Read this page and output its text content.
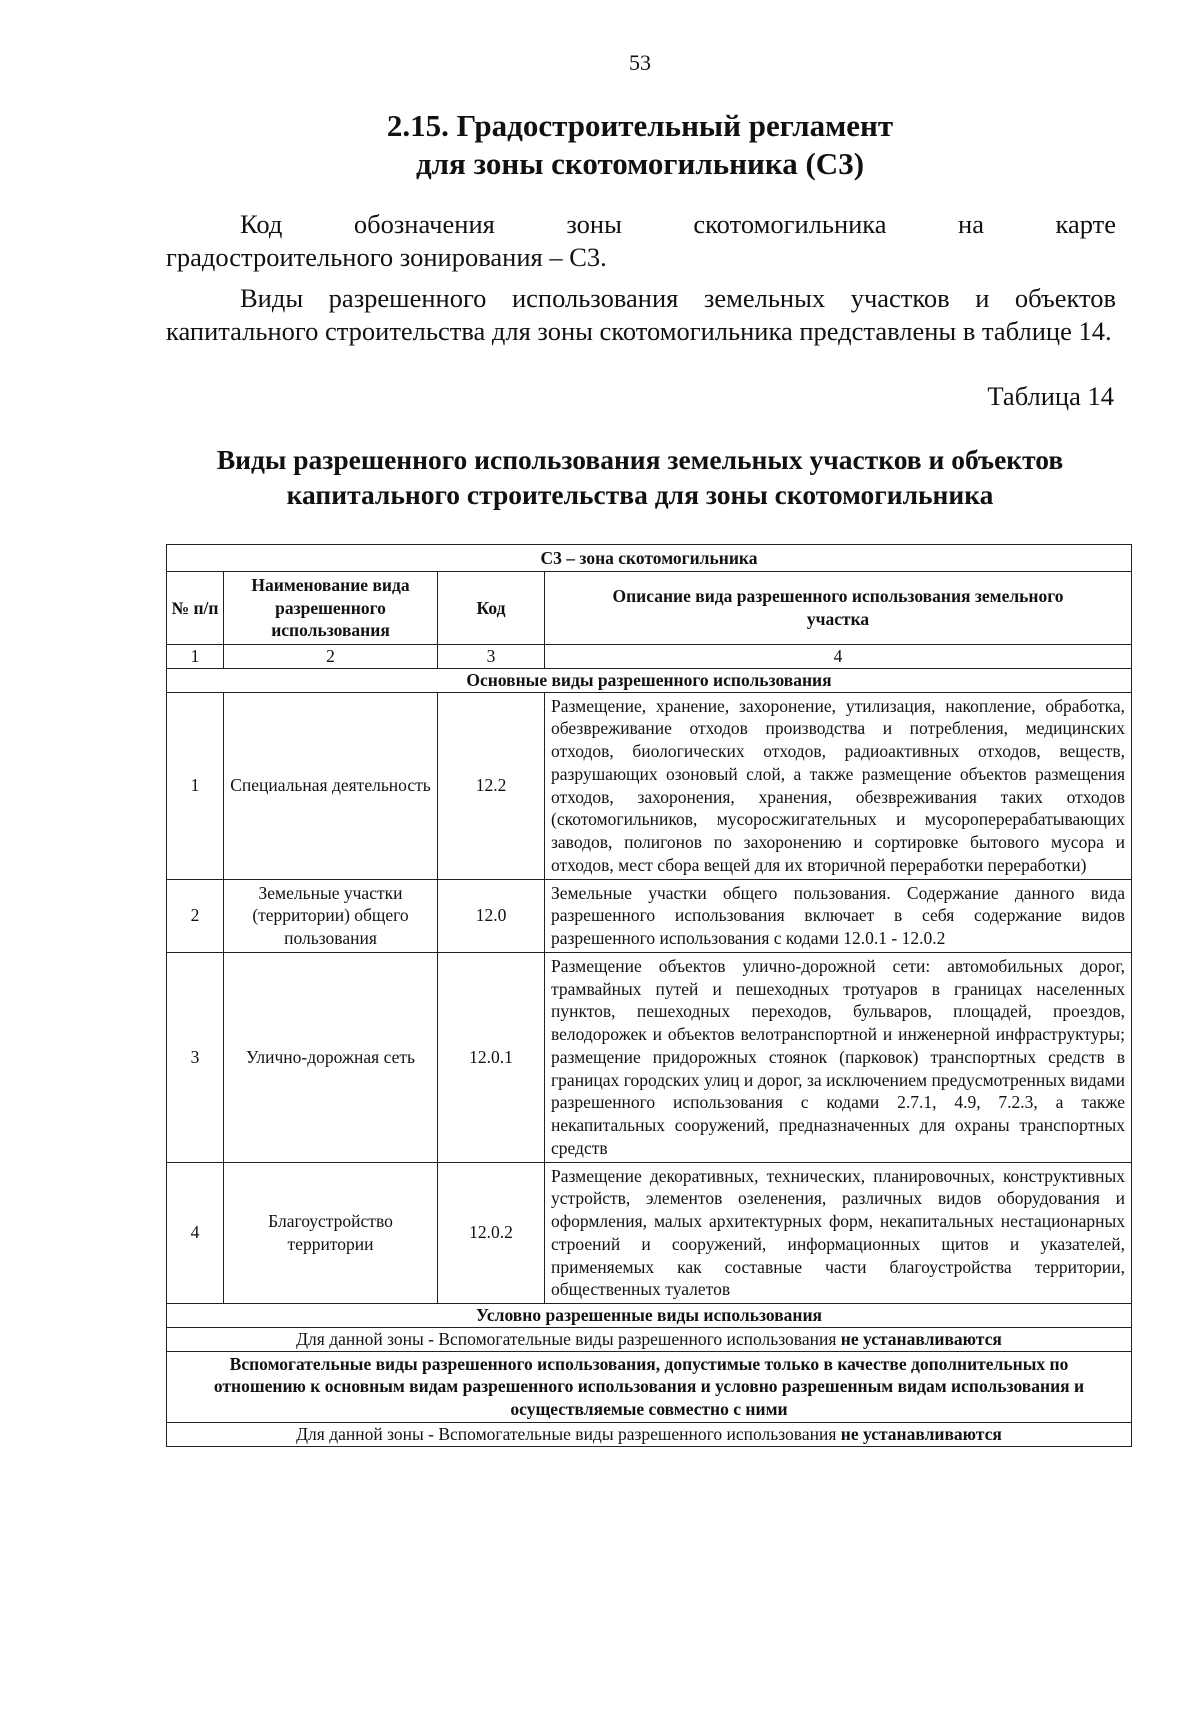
53
2.15. Градостроительный регламент
для зоны скотомогильника (С3)
Код обозначения зоны скотомогильника на карте
градостроительного зонирования – С3.
Виды разрешенного использования земельных участков и объектов
капитального строительства для зоны скотомогильника представлены в таблице 14.
Таблица 14
Виды разрешенного использования земельных участков и объектов
капитального строительства для зоны скотомогильника
С3 – зона скотомогильника			
№ п/п	Наименование вида разрешенного использования	Код	Описание вида разрешенного использования земельного участка
1	2	3	4
Основные виды разрешенного использования			
1	Специальная деятельность	12.2	Размещение, хранение, захоронение, утилизация, накопление, обработка, обезвреживание отходов производства и потребления, медицинских отходов, биологических отходов, радиоактивных отходов, веществ, разрушающих озоновый слой, а также размещение объектов размещения отходов, захоронения, хранения, обезвреживания таких отходов (скотомогильников, мусоросжигательных и мусороперерабатывающих заводов, полигонов по захоронению и сортировке бытового мусора и отходов, мест сбора вещей для их вторичной переработки переработки)
2	Земельные участки (территории) общего пользования	12.0	Земельные участки общего пользования. Содержание данного вида разрешенного использования включает в себя содержание видов разрешенного использования с кодами 12.0.1 - 12.0.2
3	Улично-дорожная сеть	12.0.1	Размещение объектов улично-дорожной сети: автомобильных дорог, трамвайных путей и пешеходных тротуаров в границах населенных пунктов, пешеходных переходов, бульваров, площадей, проездов, велодорожек и объектов велотранспортной и инженерной инфраструктуры; размещение придорожных стоянок (парковок) транспортных средств в границах городских улиц и дорог, за исключением предусмотренных видами разрешенного использования с кодами 2.7.1, 4.9, 7.2.3, а также некапитальных сооружений, предназначенных для охраны транспортных средств
4	Благоустройство территории	12.0.2	Размещение декоративных, технических, планировочных, конструктивных устройств, элементов озеленения, различных видов оборудования и оформления, малых архитектурных форм, некапитальных нестационарных строений и сооружений, информационных щитов и указателей, применяемых как составные части благоустройства территории, общественных туалетов
Условно разрешенные виды использования			
Для данной зоны - Вспомогательные виды разрешенного использования не устанавливаются			
Вспомогательные виды разрешенного использования, допустимые только в качестве дополнительных по отношению к основным видам разрешенного использования и условно разрешенным видам использования и осуществляемые совместно с ними			
Для данной зоны - Вспомогательные виды разрешенного использования не устанавливаются			
